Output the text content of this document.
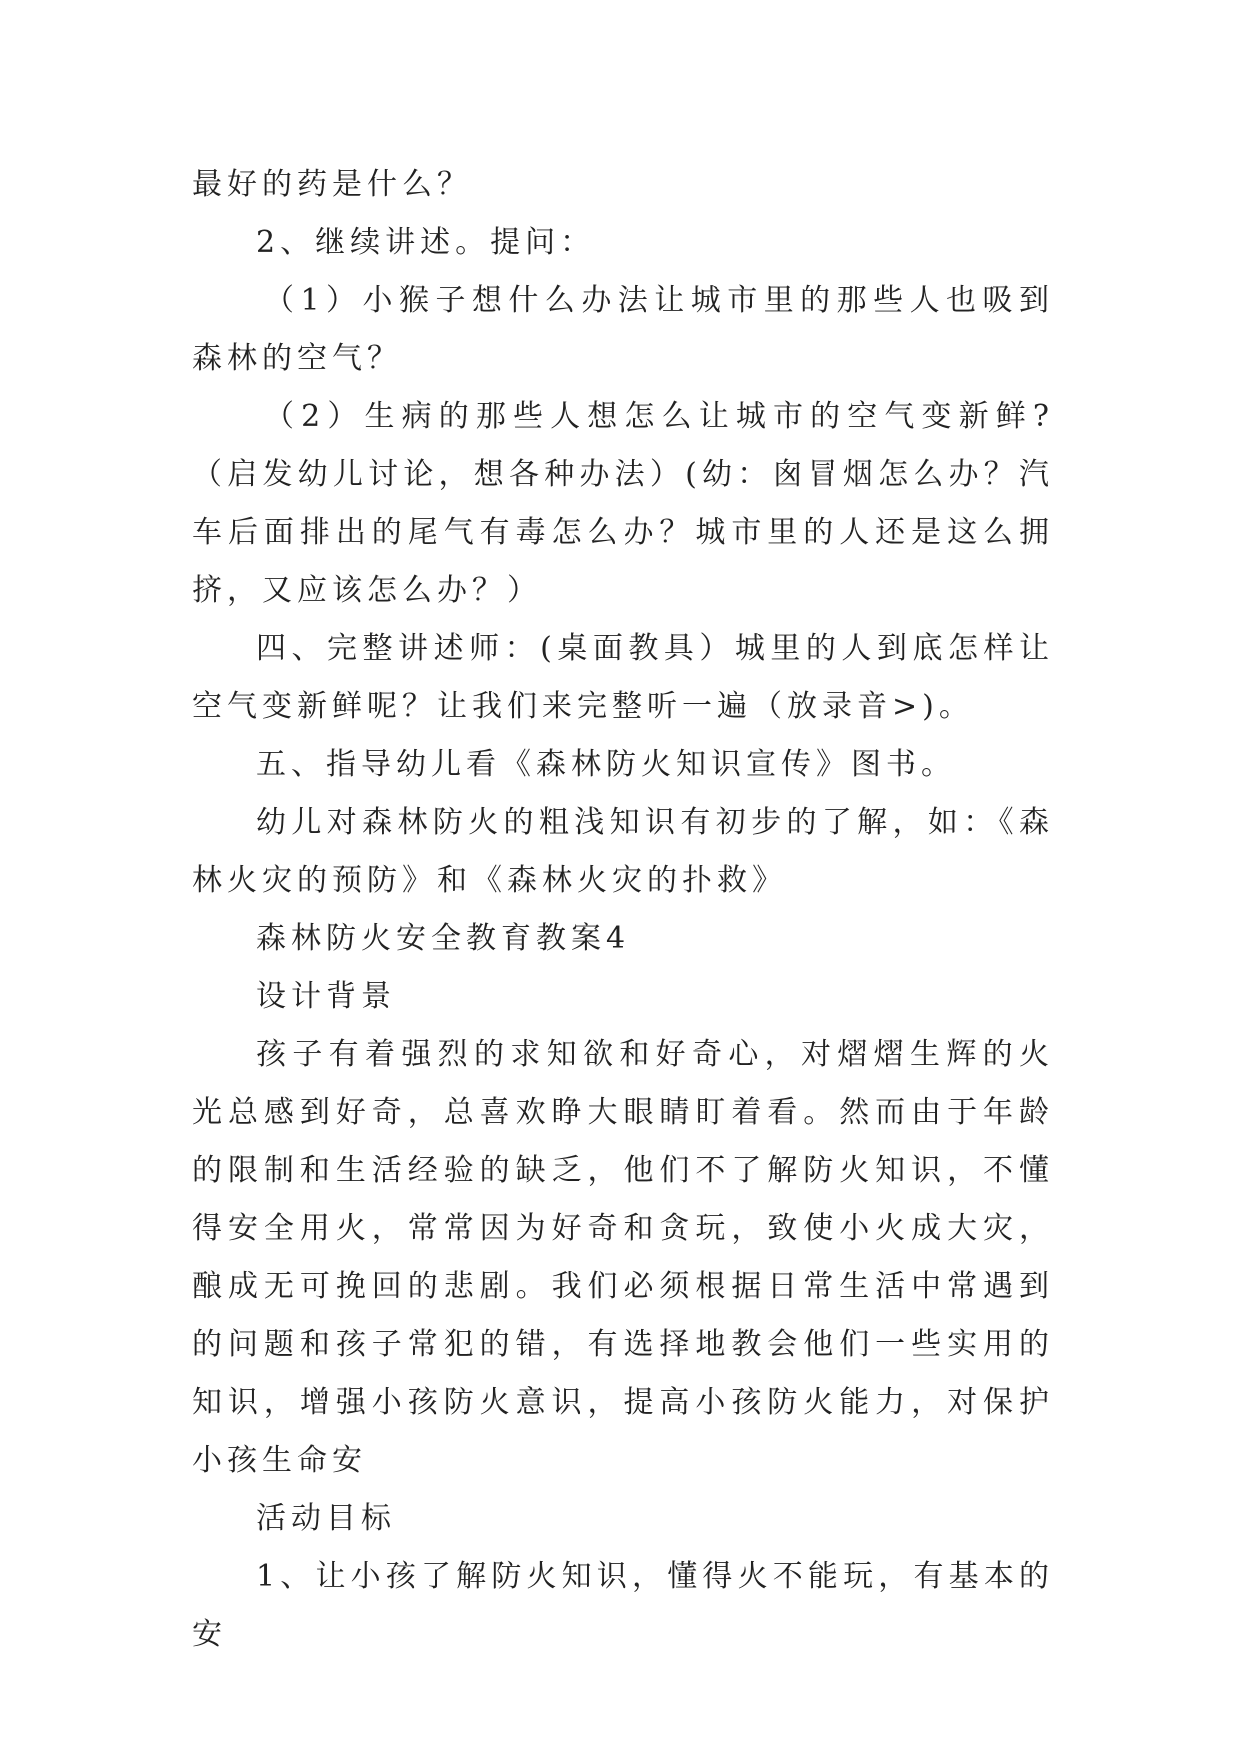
最好的药是什么？

2、继续讲述。提问：

（1）小猴子想什么办法让城市里的那些人也吸到森林的空气？

（2）生病的那些人想怎么让城市的空气变新鲜?（启发幼儿讨论，想各种办法）(幼：囪冒烟怎么办？汽车后面排出的尾气有毒怎么办？城市里的人还是这么拥挤，又应该怎么办？）

四、完整讲述师：(桌面教具）城里的人到底怎样让空气变新鲜呢？让我们来完整听一遍（放录音>)。

五、指导幼儿看《森林防火知识宣传》图书。

幼儿对森林防火的粗浅知识有初步的了解，如：《森林火灾的预防》和《森林火灾的扑救》

森林防火安全教育教案4

设计背景

孩子有着强烈的求知欲和好奇心，对熠熠生辉的火光总感到好奇，总喜欢睁大眼睛盯着看。然而由于年龄的限制和生活经验的缺乏，他们不了解防火知识，不懂得安全用火，常常因为好奇和贪玩，致使小火成大灾，酿成无可挽回的悲剧。我们必须根据日常生活中常遇到的问题和孩子常犯的错，有选择地教会他们一些实用的知识，增强小孩防火意识，提高小孩防火能力，对保护小孩生命安

活动目标

1、让小孩了解防火知识，懂得火不能玩，有基本的安
